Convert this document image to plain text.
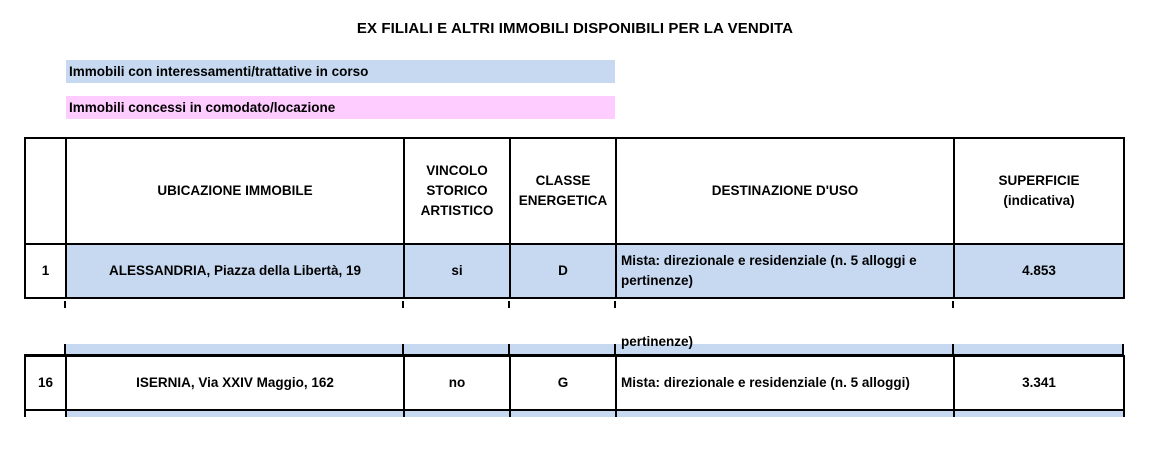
EX FILIALI E ALTRI IMMOBILI DISPONIBILI PER LA VENDITA
Immobili con interessamenti/trattative in corso
Immobili concessi in comodato/locazione
	UBICAZIONE IMMOBILE	VINCOLO STORICO ARTISTICO	CLASSE ENERGETICA	DESTINAZIONE D'USO	SUPERFICIE (indicativa)
1	ALESSANDRIA, Piazza della Libertà, 19	si	D	Mista: direzionale e residenziale (n. 5 alloggi e pertinenze)	4.853
pertinenze)
16	ISERNIA, Via XXIV Maggio, 162	no	G	Mista: direzionale e residenziale (n. 5 alloggi)	3.341
